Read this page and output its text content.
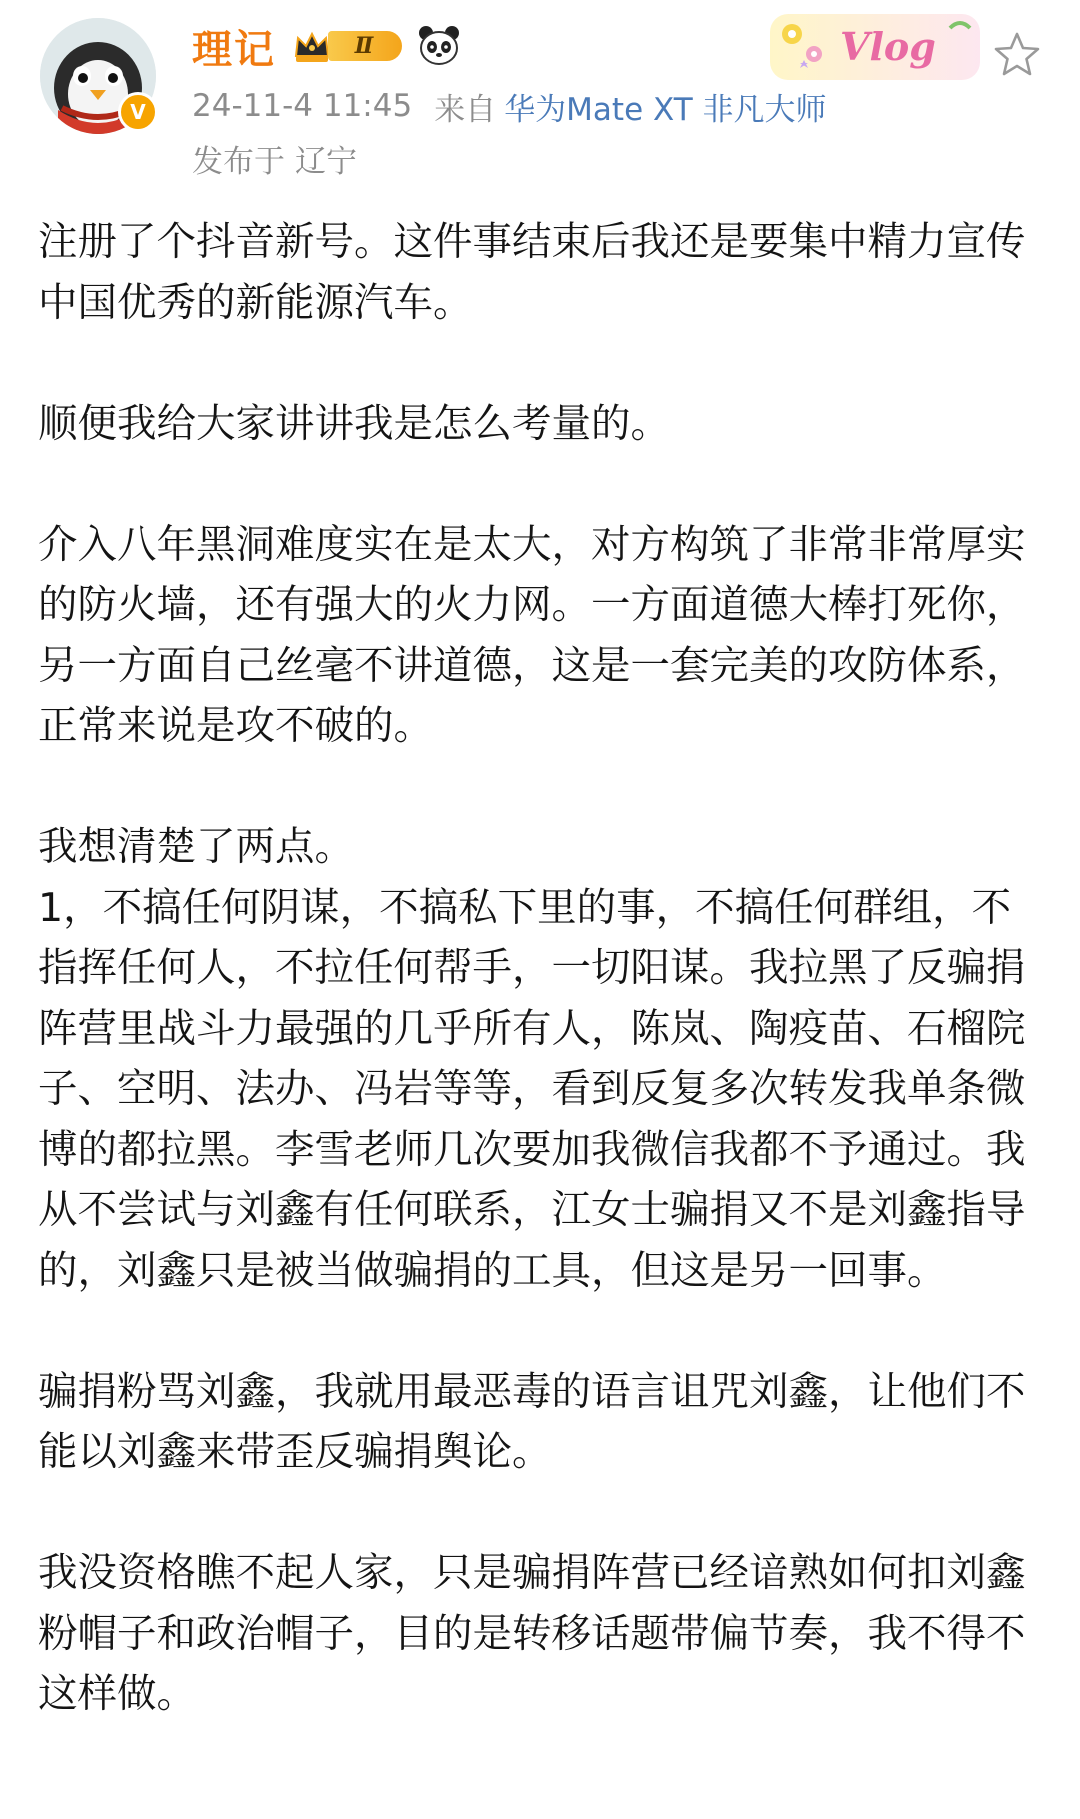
V
理记	Ⅱ
24-11-4 11:45 来自 华为Mate XT 非凡大师
发布于 辽宁
Vlog

注册了个抖音新号。这件事结束后我还是要集中精力宣传中国优秀的新能源汽车。

顺便我给大家讲讲我是怎么考量的。

介入八年黑洞难度实在是太大，对方构筑了非常非常厚实的防火墙，还有强大的火力网。一方面道德大棒打死你，另一方面自己丝毫不讲道德，这是一套完美的攻防体系，正常来说是攻不破的。

我想清楚了两点。
1，不搞任何阴谋，不搞私下里的事，不搞任何群组，不指挥任何人，不拉任何帮手，一切阳谋。我拉黑了反骗捐阵营里战斗力最强的几乎所有人，陈岚、陶疫苗、石榴院子、空明、法办、冯岩等等，看到反复多次转发我单条微博的都拉黑。李雪老师几次要加我微信我都不予通过。我从不尝试与刘鑫有任何联系，江女士骗捐又不是刘鑫指导的，刘鑫只是被当做骗捐的工具，但这是另一回事。

骗捐粉骂刘鑫，我就用最恶毒的语言诅咒刘鑫，让他们不能以刘鑫来带歪反骗捐舆论。

我没资格瞧不起人家，只是骗捐阵营已经谙熟如何扣刘鑫粉帽子和政治帽子，目的是转移话题带偏节奏，我不得不这样做。
